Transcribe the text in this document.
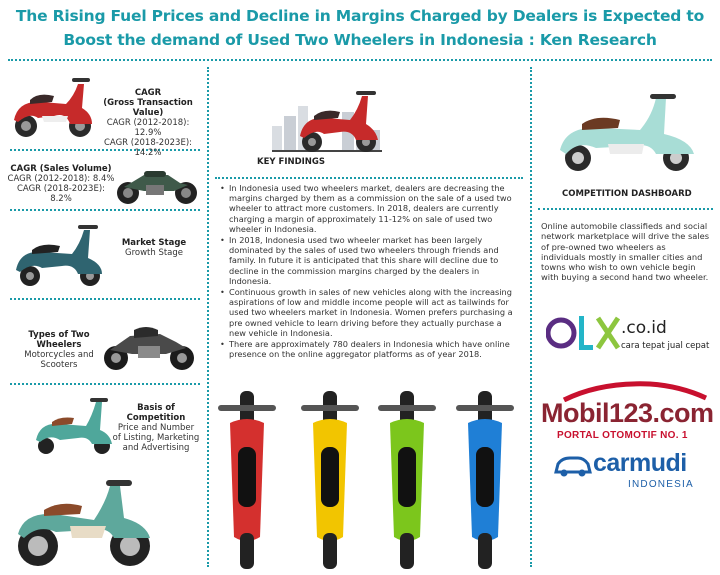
The Rising Fuel Prices and Decline in Margins Charged by Dealers is Expected to
Boost the demand of Used Two Wheelers in Indonesia : Ken Research
CAGR
(Gross Transaction
Value)
CAGR (2012-2018): 12.9%
CAGR (2018-2023E): 14.2%
CAGR (Sales Volume)
CAGR (2012-2018): 8.4%
CAGR (2018-2023E):
8.2%
Market Stage
Growth Stage
Types of Two
Wheelers
Motorcycles and
Scooters
Basis of
Competition
Price and Number
of Listing, Marketing
and Advertising
KEY FINDINGS
• In Indonesia used two wheelers market, dealers are decreasing the margins charged by them as a commission on the sale of a used two wheeler to attract more customers. In 2018, dealers are currently charging a margin of approximately 11-12% on sale of used two wheeler in Indonesia.
• In 2018, Indonesia used two wheeler market has been largely dominated by the sales of used two wheelers through friends and family. In future it is anticipated that this share will decline due to decline in the commission margins charged by the dealers in Indonesia.
• Continuous growth in sales of new vehicles along with the increasing aspirations of low and middle income people will act as tailwinds for used two wheelers market in Indonesia. Women prefers purchasing a pre owned vehicle to learn driving before they actually purchase a new vehicle in Indonesia.
• There are approximately 780 dealers in Indonesia which have online presence on the online aggregator platforms as of year 2018.
COMPETITION DASHBOARD
Online automobile classifieds and social network marketplace will drive the sales of pre-owned two wheelers as individuals mostly in smaller cities and towns who wish to own vehicle begin with buying a second hand two wheeler.
.co.id
cara tepat jual cepat
Mobil123.com
PORTAL OTOMOTIF NO. 1
carmudi
INDONESIA
